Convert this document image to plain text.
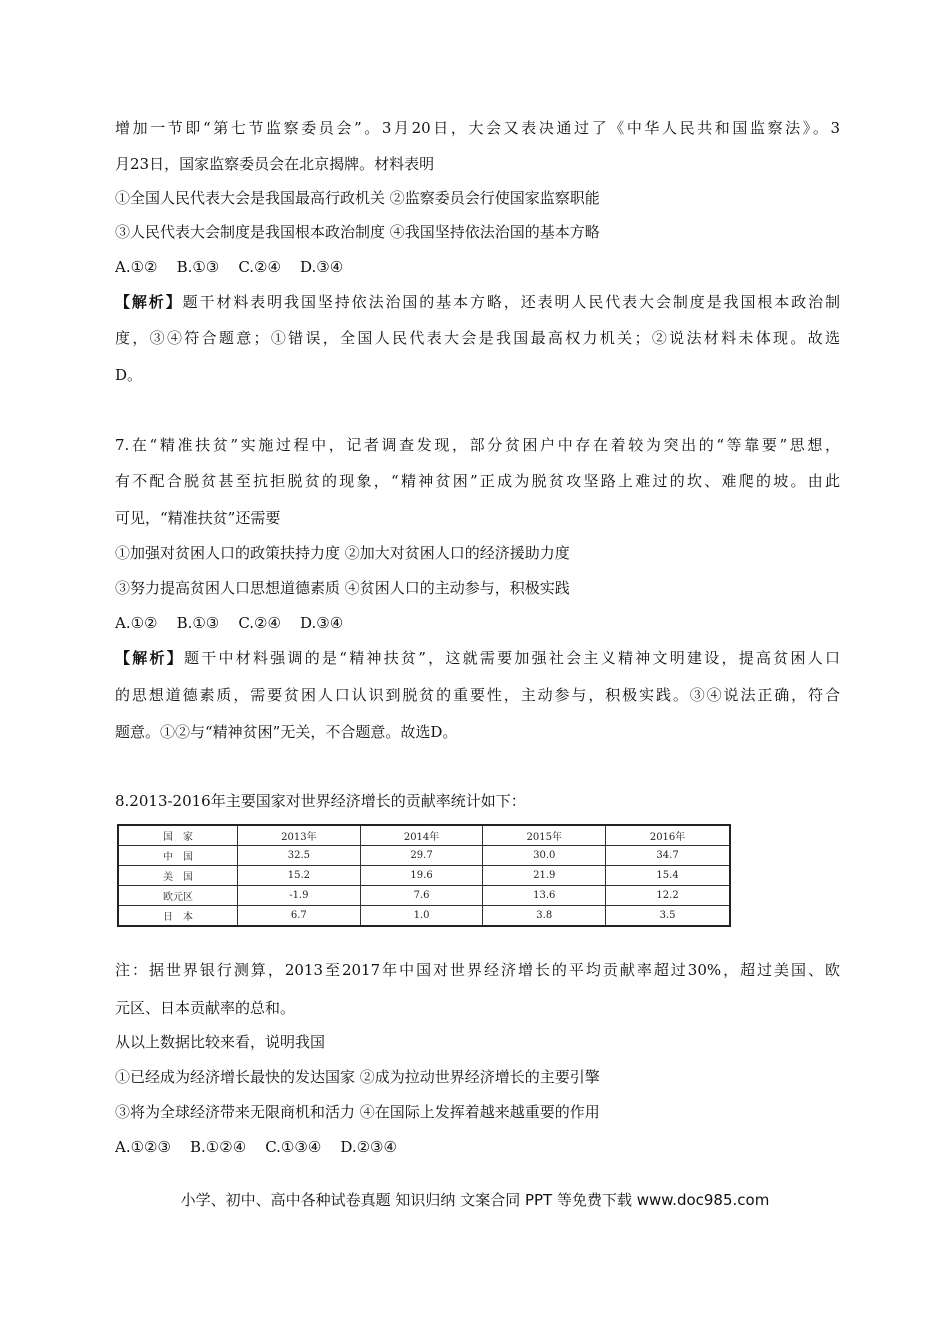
增加一节即“第七节监察委员会”。3月20日，大会又表决通过了《中华人民共和国监察法》。3
月23日，国家监察委员会在北京揭牌。材料表明
①全国人民代表大会是我国最高行政机关 ②监察委员会行使国家监察职能
③人民代表大会制度是我国根本政治制度 ④我国坚持依法治国的基本方略
A.①②    B.①③    C.②④    D.③④
【解析】题干材料表明我国坚持依法治国的基本方略，还表明人民代表大会制度是我国根本政治制
度，③④符合题意；①错误，全国人民代表大会是我国最高权力机关；②说法材料未体现。故选
D。
7.在“精准扶贫”实施过程中，记者调查发现，部分贫困户中存在着较为突出的“等靠要”思想，
有不配合脱贫甚至抗拒脱贫的现象，“精神贫困”正成为脱贫攻坚路上难过的坎、难爬的坡。由此
可见，“精准扶贫”还需要
①加强对贫困人口的政策扶持力度 ②加大对贫困人口的经济援助力度
③努力提高贫困人口思想道德素质 ④贫困人口的主动参与，积极实践
A.①②    B.①③    C.②④    D.③④
【解析】题干中材料强调的是“精神扶贫”，这就需要加强社会主义精神文明建设，提高贫困人口
的思想道德素质，需要贫困人口认识到脱贫的重要性，主动参与，积极实践。③④说法正确，符合
题意。①②与“精神贫困”无关，不合题意。故选D。
8.2013-2016年主要国家对世界经济增长的贡献率统计如下：
国　家	2013年	2014年	2015年	2016年
中　国	32.5	29.7	30.0	34.7
美　国	15.2	19.6	21.9	15.4
欧元区	-1.9	7.6	13.6	12.2
日　本	6.7	1.0	3.8	3.5
注：据世界银行测算，2013至2017年中国对世界经济增长的平均贡献率超过30%，超过美国、欧
元区、日本贡献率的总和。
从以上数据比较来看，说明我国
①已经成为经济增长最快的发达国家 ②成为拉动世界经济增长的主要引擎
③将为全球经济带来无限商机和活力 ④在国际上发挥着越来越重要的作用
A.①②③    B.①②④    C.①③④    D.②③④
小学、初中、高中各种试卷真题 知识归纳 文案合同 PPT 等免费下载 www.doc985.com
